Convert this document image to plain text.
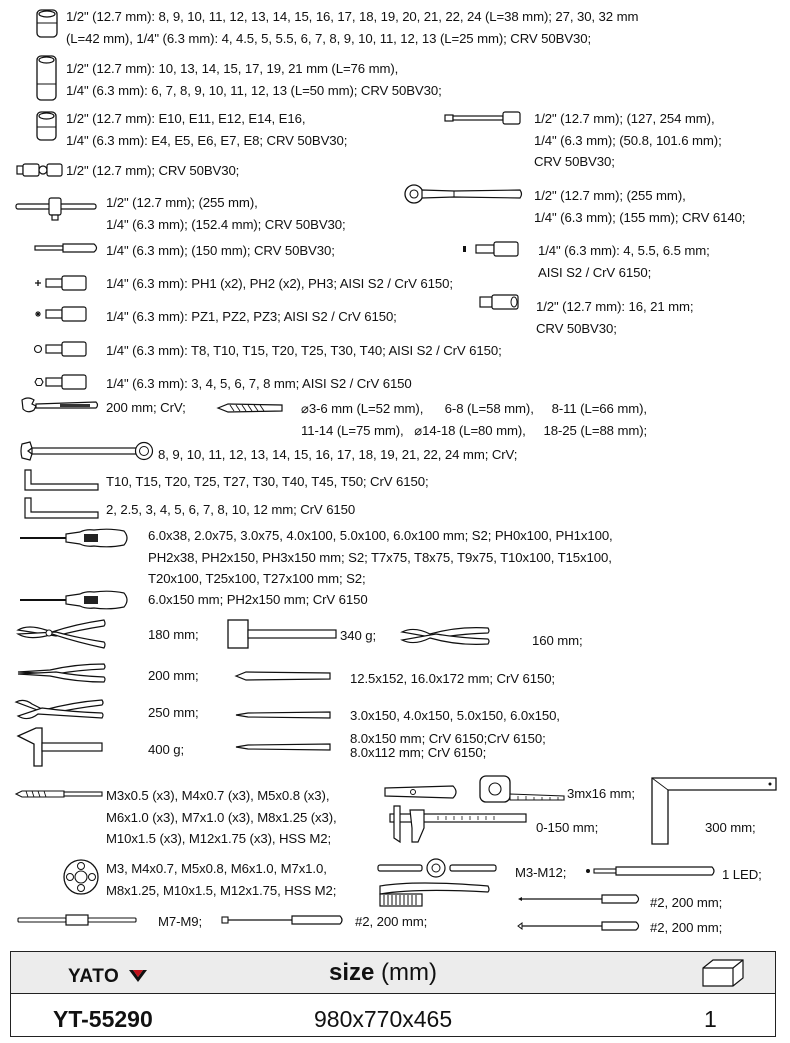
1/2" (12.7 mm): 8, 9, 10, 11, 12, 13, 14, 15, 16, 17, 18, 19, 20, 21, 22, 24 (L=38 mm); 27, 30, 32 mm
(L=42 mm), 1/4" (6.3 mm): 4, 4.5, 5, 5.5, 6, 7, 8, 9, 10, 11, 12, 13 (L=25 mm); CRV 50BV30;
1/2" (12.7 mm): 10, 13, 14, 15, 17, 19, 21 mm (L=76 mm),
1/4" (6.3 mm): 6, 7, 8, 9, 10, 11, 12, 13 (L=50 mm); CRV 50BV30;
1/2" (12.7 mm): E10, E11, E12, E14, E16,
1/4" (6.3 mm): E4, E5, E6, E7, E8; CRV 50BV30;
1/2" (12.7 mm); (127, 254 mm),
1/4" (6.3 mm); (50.8, 101.6 mm);
CRV 50BV30;
1/2" (12.7 mm); CRV 50BV30;
1/2" (12.7 mm); (255 mm),
1/4" (6.3 mm); (152.4 mm); CRV 50BV30;
1/2" (12.7 mm); (255 mm),
1/4" (6.3 mm); (155 mm); CRV 6140;
1/4" (6.3 mm); (150 mm); CRV 50BV30;	1/4" (6.3 mm): 4, 5.5, 6.5 mm;
AISI S2 / CrV 6150;
1/4" (6.3 mm): PH1 (x2), PH2 (x2), PH3; AISI S2 / CrV 6150;
1/2" (12.7 mm): 16, 21 mm;
CRV 50BV30;
1/4" (6.3 mm): PZ1, PZ2, PZ3; AISI S2 / CrV 6150;
1/4" (6.3 mm): T8, T10, T15, T20, T25, T30, T40; AISI S2 / CrV 6150;
1/4" (6.3 mm): 3, 4, 5, 6, 7, 8 mm; AISI S2 / CrV 6150
200 mm; CrV;	⌀3-6 mm (L=52 mm),      6-8 (L=58 mm),     8-11 (L=66 mm),
11-14 (L=75 mm),   ⌀14-18 (L=80 mm),     18-25 (L=88 mm);
8, 9, 10, 11, 12, 13, 14, 15, 16, 17, 18, 19, 21, 22, 24 mm; CrV;
T10, T15, T20, T25, T27, T30, T40, T45, T50; CrV 6150;
2, 2.5, 3, 4, 5, 6, 7, 8, 10, 12 mm; CrV 6150
6.0x38, 2.0x75, 3.0x75, 4.0x100, 5.0x100, 6.0x100 mm; S2; PH0x100, PH1x100,
PH2x38, PH2x150, PH3x150 mm; S2; T7x75, T8x75, T9x75, T10x100, T15x100,
T20x100, T25x100, T27x100 mm; S2;
6.0x150 mm; PH2x150 mm; CrV 6150
180 mm;	340 g;	160 mm;
200 mm;	12.5x152, 16.0x172 mm; CrV 6150;
250 mm;	3.0x150, 4.0x150, 5.0x150, 6.0x150,
8.0x150 mm; CrV 6150;CrV 6150;
8.0x112 mm; CrV 6150;
400 g;
M3x0.5 (x3), M4x0.7 (x3), M5x0.8 (x3),
M6x1.0 (x3), M7x1.0 (x3), M8x1.25 (x3),
M10x1.5 (x3), M12x1.75 (x3), HSS M2;
3mx16 mm;
0-150 mm;	300 mm;
M3, M4x0.7, M5x0.8, M6x1.0, M7x1.0,
M8x1.25, M10x1.5, M12x1.75, HSS M2;
M3-M12;	1 LED;
M7-M9;	#2, 200 mm;
#2, 200 mm;
#2, 200 mm;
YATO	size (mm)
YT-55290	980x770x465	1
